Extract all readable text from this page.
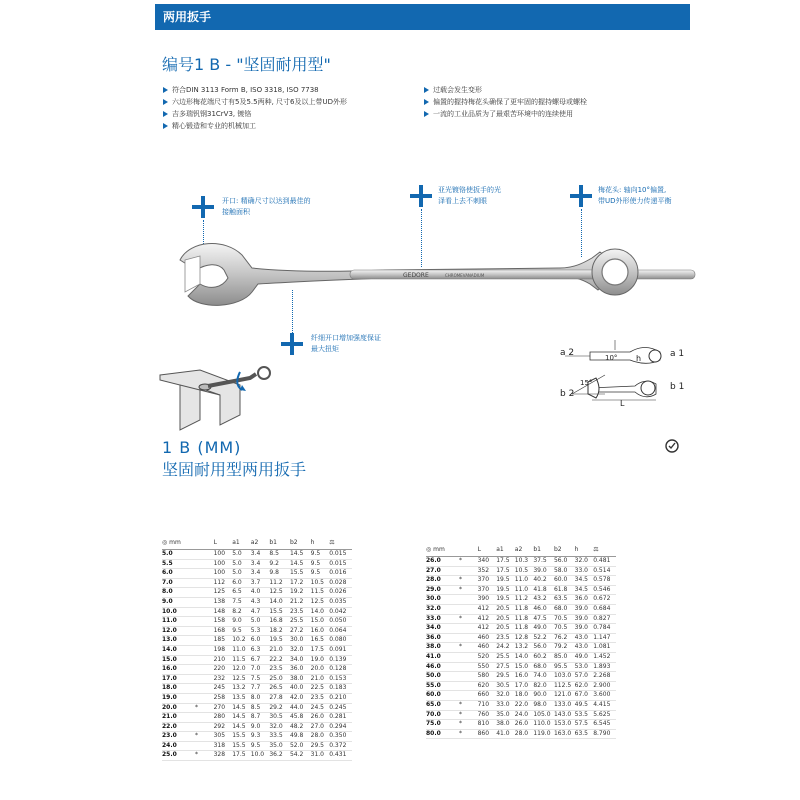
两用扳手
编号1 B - "坚固耐用型"
符合DIN 3113 Form B, ISO 3318, ISO 7738
六边形梅花端尺寸有5及5.5两种, 尺寸6及以上带UD外形
吉多瑞钒钢31CrV3, 镀铬
精心锻造和专业的机械加工
过载会发生变形
偏置的握持梅花头确保了更牢固的握持螺母或螺栓
一流的工业品质为了最艰苦环境中的连续使用
开口: 精确尺寸以达到最佳的
接触面积
亚光镀铬使扳手的光
泽看上去不刺眼
梅花头: 轴向10°偏置,
带UD外形使力传递平衡
纤细开口增加强度保证
最大扭矩
GEDORE	CHROMEVANADIUM
a 2	a 1
10° h
15°
L
b 2
b 1
1 B (MM)
坚固耐用型两用扳手
◎ mm		L	a1	a2	b1	b2	h	⚖
5.0		100	5.0	3.4	8.5	14.5	9.5	0.015
5.5		100	5.0	3.4	9.2	14.5	9.5	0.015
6.0		100	5.0	3.4	9.8	15.5	9.5	0.016
7.0		112	6.0	3.7	11.2	17.2	10.5	0.028
8.0		125	6.5	4.0	12.5	19.2	11.5	0.026
9.0		138	7.5	4.3	14.0	21.2	12.5	0.035
10.0		148	8.2	4.7	15.5	23.5	14.0	0.042
11.0		158	9.0	5.0	16.8	25.5	15.0	0.050
12.0		168	9.5	5.3	18.2	27.2	16.0	0.064
13.0		185	10.2	6.0	19.5	30.0	16.5	0.080
14.0		198	11.0	6.3	21.0	32.0	17.5	0.091
15.0		210	11.5	6.7	22.2	34.0	19.0	0.139
16.0		220	12.0	7.0	23.5	36.0	20.0	0.128
17.0		232	12.5	7.5	25.0	38.0	21.0	0.153
18.0		245	13.2	7.7	26.5	40.0	22.5	0.183
19.0		258	13.5	8.0	27.8	42.0	23.5	0.210
20.0	*	270	14.5	8.5	29.2	44.0	24.5	0.245
21.0		280	14.5	8.7	30.5	45.8	26.0	0.281
22.0		292	14.5	9.0	32.0	48.2	27.0	0.294
23.0	*	305	15.5	9.3	33.5	49.8	28.0	0.350
24.0		318	15.5	9.5	35.0	52.0	29.5	0.372
25.0	*	328	17.5	10.0	36.2	54.2	31.0	0.431
◎ mm		L	a1	a2	b1	b2	h	⚖
26.0	*	340	17.5	10.3	37.5	56.0	32.0	0.481
27.0		352	17.5	10.5	39.0	58.0	33.0	0.514
28.0	*	370	19.5	11.0	40.2	60.0	34.5	0.578
29.0	*	370	19.5	11.0	41.8	61.8	34.5	0.546
30.0		390	19.5	11.2	43.2	63.5	36.0	0.672
32.0		412	20.5	11.8	46.0	68.0	39.0	0.684
33.0	*	412	20.5	11.8	47.5	70.5	39.0	0.827
34.0		412	20.5	11.8	49.0	70.5	39.0	0.784
36.0		460	23.5	12.8	52.2	76.2	43.0	1.147
38.0	*	460	24.2	13.2	56.0	79.2	43.0	1.081
41.0		520	25.5	14.0	60.2	85.0	49.0	1.452
46.0		550	27.5	15.0	68.0	95.5	53.0	1.893
50.0		580	29.5	16.0	74.0	103.0	57.0	2.268
55.0		620	30.5	17.0	82.0	112.5	62.0	2.900
60.0		660	32.0	18.0	90.0	121.0	67.0	3.600
65.0	*	710	33.0	22.0	98.0	133.0	49.5	4.415
70.0	*	760	35.0	24.0	105.0	143.0	53.5	5.625
75.0	*	810	38.0	26.0	110.0	153.0	57.5	6.545
80.0	*	860	41.0	28.0	119.0	163.0	63.5	8.790
